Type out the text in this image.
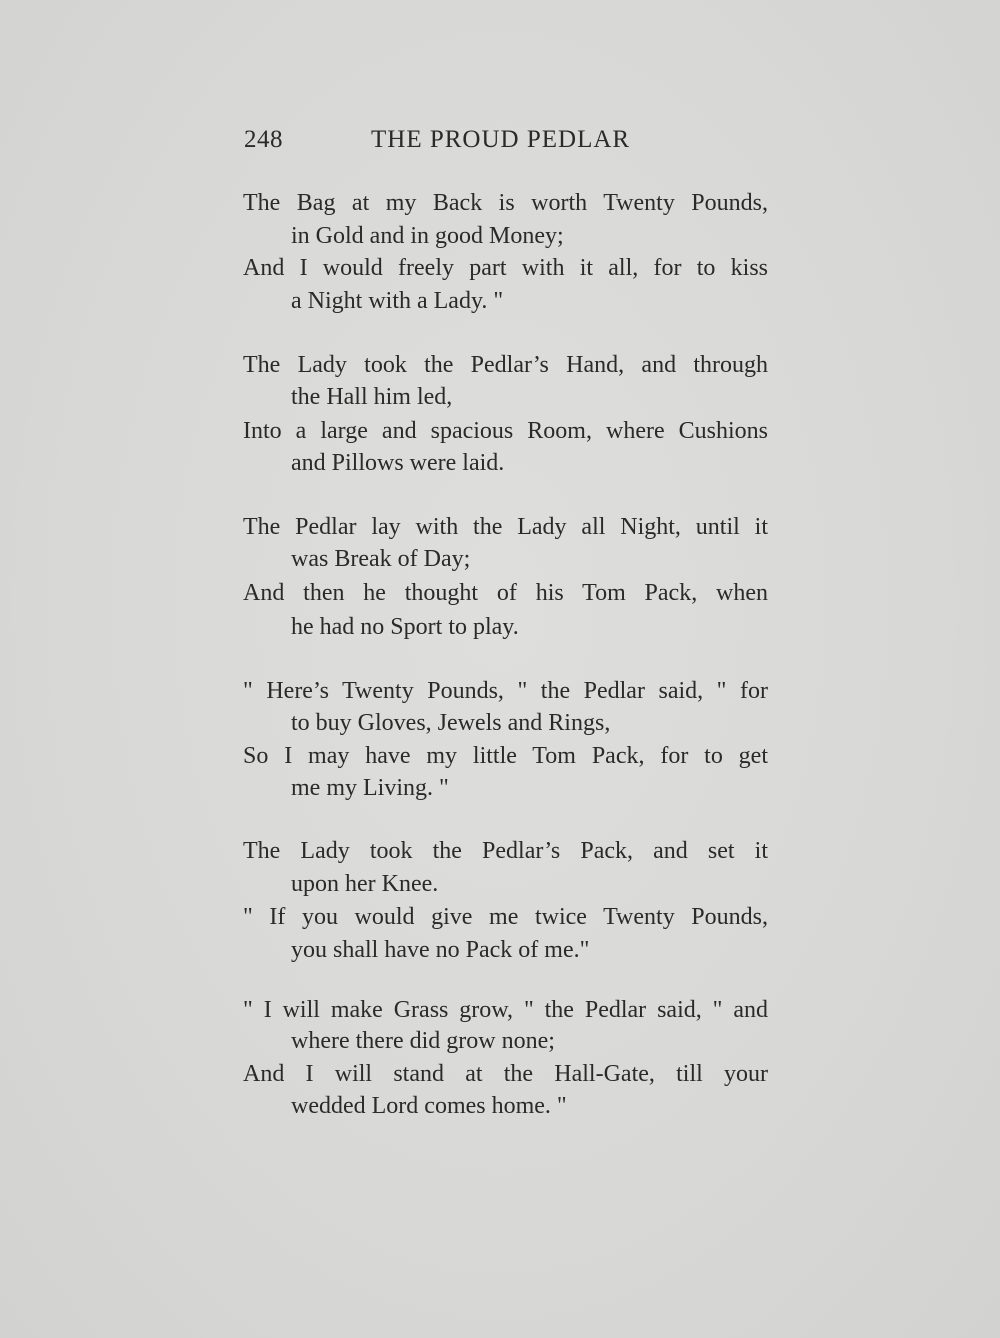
248	THE PROUD PEDLAR
The Bag at my Back is worth Twenty Pounds,
in Gold and in good Money;
And I would freely part with it all, for to kiss
a Night with a Lady. "
The Lady took the Pedlar’s Hand, and through
the Hall him led,
Into a large and spacious Room, where Cushions
and Pillows were laid.
The Pedlar lay with the Lady all Night, until it
was Break of Day;
And then he thought of his Tom Pack, when
he had no Sport to play.
" Here’s Twenty Pounds, " the Pedlar said, " for
to buy Gloves, Jewels and Rings,
So I may have my little Tom Pack, for to get
me my Living. "
The Lady took the Pedlar’s Pack, and set it
upon her Knee.
" If you would give me twice Twenty Pounds,
you shall have no Pack of me."
" I will make Grass grow, " the Pedlar said, " and
where there did grow none;
And I will stand at the Hall-Gate, till your
wedded Lord comes home. "
